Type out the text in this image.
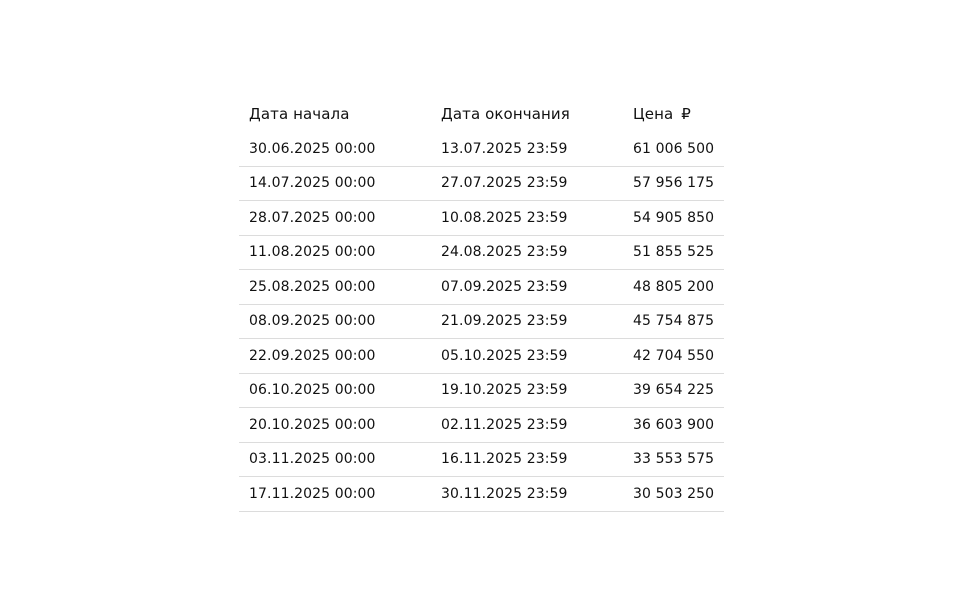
Дата начала	Дата окончания	Цена ₽
30.06.2025 00:00	13.07.2025 23:59	61 006 500
14.07.2025 00:00	27.07.2025 23:59	57 956 175
28.07.2025 00:00	10.08.2025 23:59	54 905 850
11.08.2025 00:00	24.08.2025 23:59	51 855 525
25.08.2025 00:00	07.09.2025 23:59	48 805 200
08.09.2025 00:00	21.09.2025 23:59	45 754 875
22.09.2025 00:00	05.10.2025 23:59	42 704 550
06.10.2025 00:00	19.10.2025 23:59	39 654 225
20.10.2025 00:00	02.11.2025 23:59	36 603 900
03.11.2025 00:00	16.11.2025 23:59	33 553 575
17.11.2025 00:00	30.11.2025 23:59	30 503 250
